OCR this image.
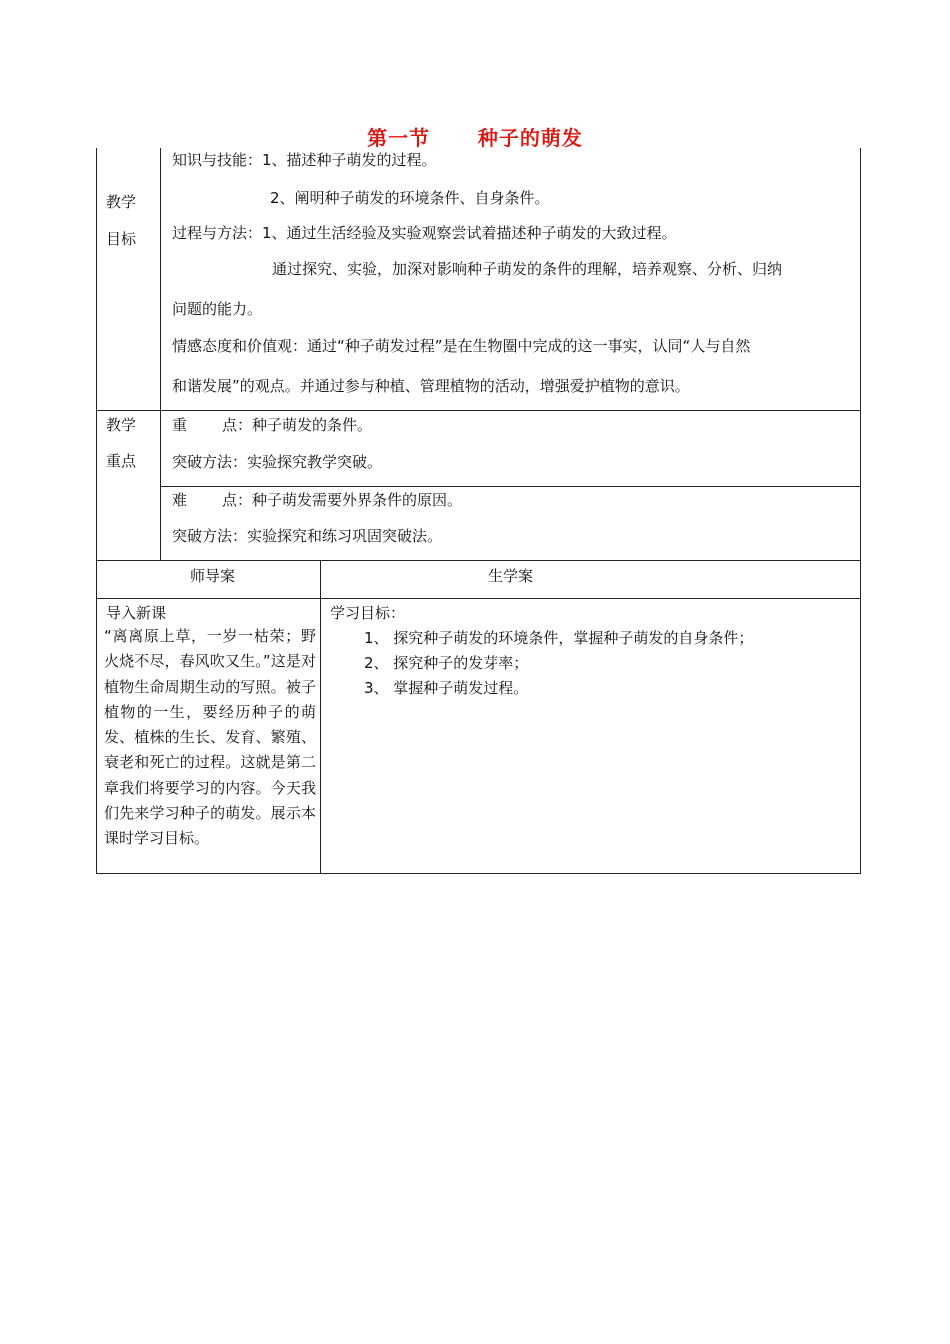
第一节      种子的萌发
教学
目标
知识与技能：1、描述种子萌发的过程。
2、阐明种子萌发的环境条件、自身条件。
过程与方法：1、通过生活经验及实验观察尝试着描述种子萌发的大致过程。
通过探究、实验，加深对影响种子萌发的条件的理解，培养观察、分析、归纳
问题的能力。
情感态度和价值观：通过“种子萌发过程”是在生物圈中完成的这一事实，认同“人与自然
和谐发展”的观点。并通过参与种植、管理植物的活动，增强爱护植物的意识。
教学
重点
重 点：种子萌发的条件。
突破方法：实验探究教学突破。
难 点：种子萌发需要外界条件的原因。
突破方法：实验探究和练习巩固突破法。
师导案	生学案
导入新课
“离离原上草，一岁一枯荣；野火烧不尽，春风吹又生。”这是对植物生命周期生动的写照。被子植物的一生，要经历种子的萌发、植株的生长、发育、繁殖、衰老和死亡的过程。这就是第二章我们将要学习的内容。今天我们先来学习种子的萌发。展示本课时学习目标。
学习目标：
1、 探究种子萌发的环境条件，掌握种子萌发的自身条件；
2、 探究种子的发芽率；
3、 掌握种子萌发过程。
